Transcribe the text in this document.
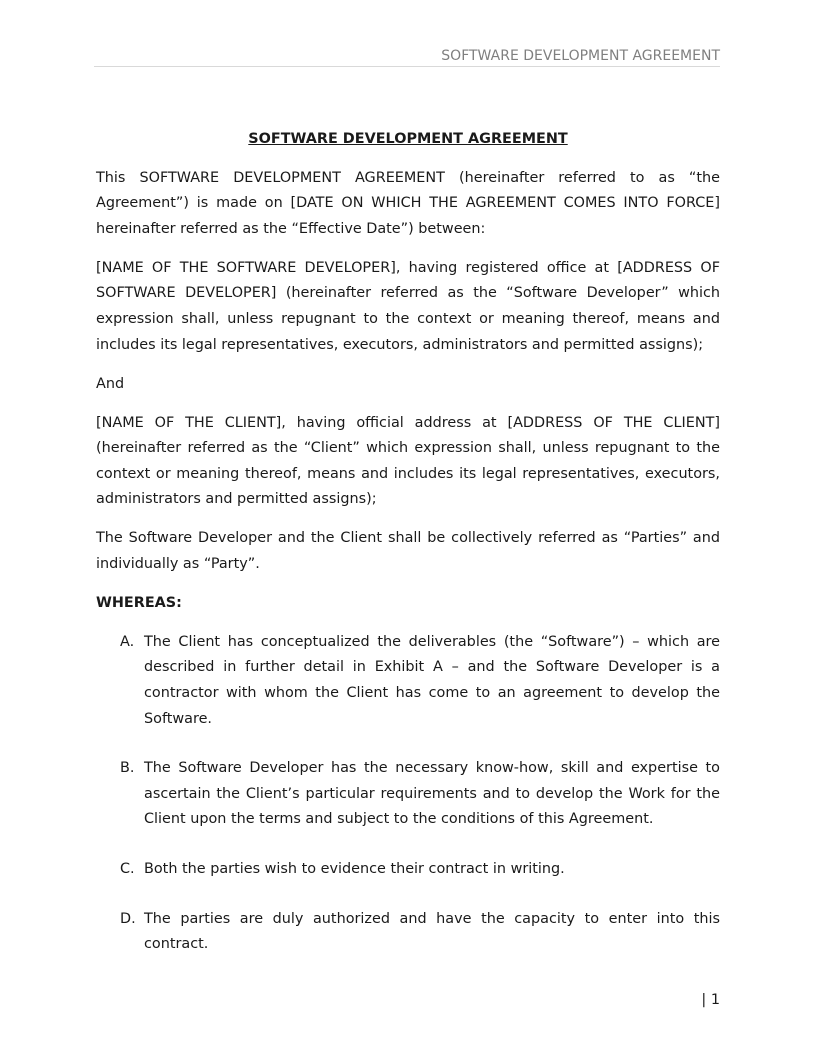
SOFTWARE DEVELOPMENT AGREEMENT
SOFTWARE DEVELOPMENT AGREEMENT

This SOFTWARE DEVELOPMENT AGREEMENT (hereinafter referred to as “the Agreement”) is made on [DATE ON WHICH THE AGREEMENT COMES INTO FORCE] hereinafter referred as the “Effective Date”) between:

[NAME OF THE SOFTWARE DEVELOPER], having registered office at [ADDRESS OF SOFTWARE DEVELOPER] (hereinafter referred as the “Software Developer” which expression shall, unless repugnant to the context or meaning thereof, means and includes its legal representatives, executors, administrators and permitted assigns);

And

[NAME OF THE CLIENT], having official address at [ADDRESS OF THE CLIENT] (hereinafter referred as the “Client” which expression shall, unless repugnant to the context or meaning thereof, means and includes its legal representatives, executors, administrators and permitted assigns);

The Software Developer and the Client shall be collectively referred as “Parties” and individually as “Party”.

WHEREAS:
A. The Client has conceptualized the deliverables (the “Software”) – which are described in further detail in Exhibit A – and the Software Developer is a contractor with whom the Client has come to an agreement to develop the Software.
B. The Software Developer has the necessary know-how, skill and expertise to ascertain the Client’s particular requirements and to develop the Work for the Client upon the terms and subject to the conditions of this Agreement.
C. Both the parties wish to evidence their contract in writing.
D. The parties are duly authorized and have the capacity to enter into this contract.
| 1
